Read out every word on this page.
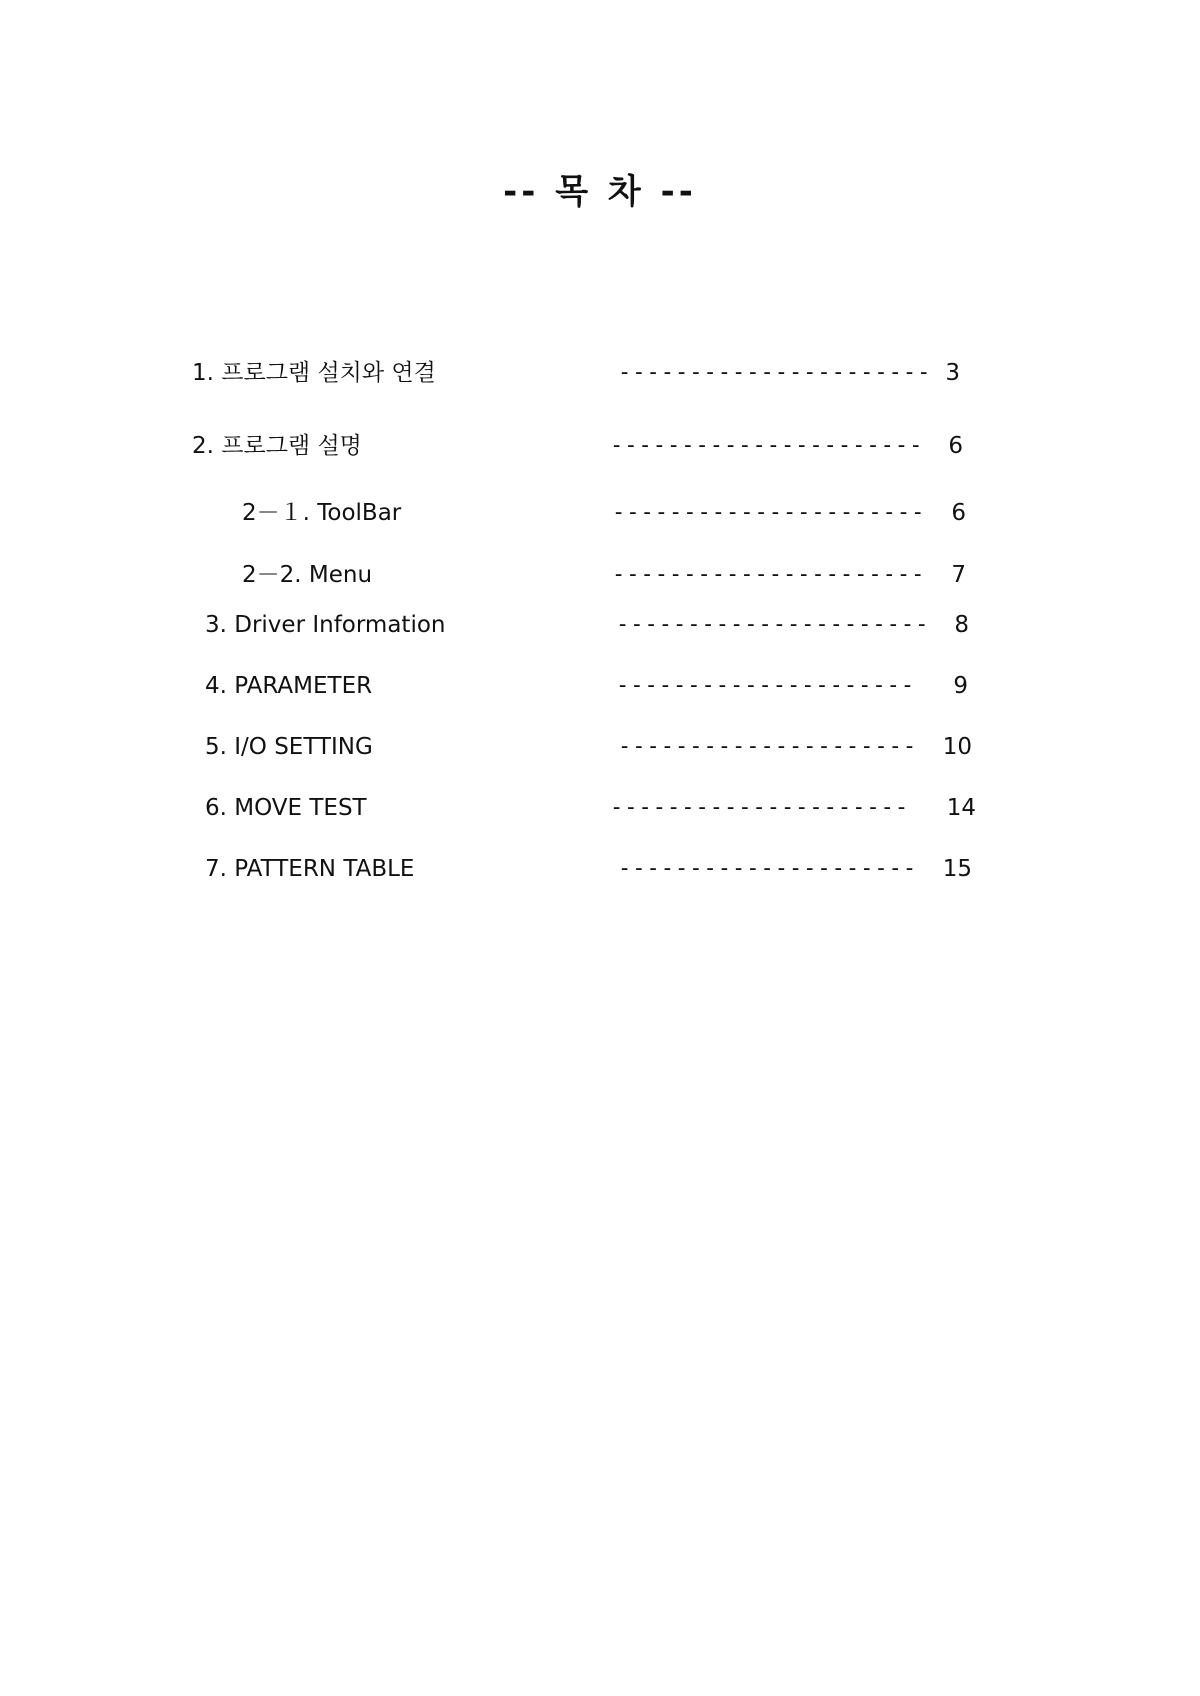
-- 목 차 --
1. 프로그램 설치와 연결	---------------------- 3
2. 프로그램 설명	----------------------	6
2－１. ToolBar	----------------------	6
2－2. Menu	----------------------	7
3. Driver Information	----------------------	8
4. PARAMETER	---------------------	9
5. I/O SETTING	---------------------	10
6. MOVE TEST	---------------------	14
7. PATTERN TABLE	---------------------	15
